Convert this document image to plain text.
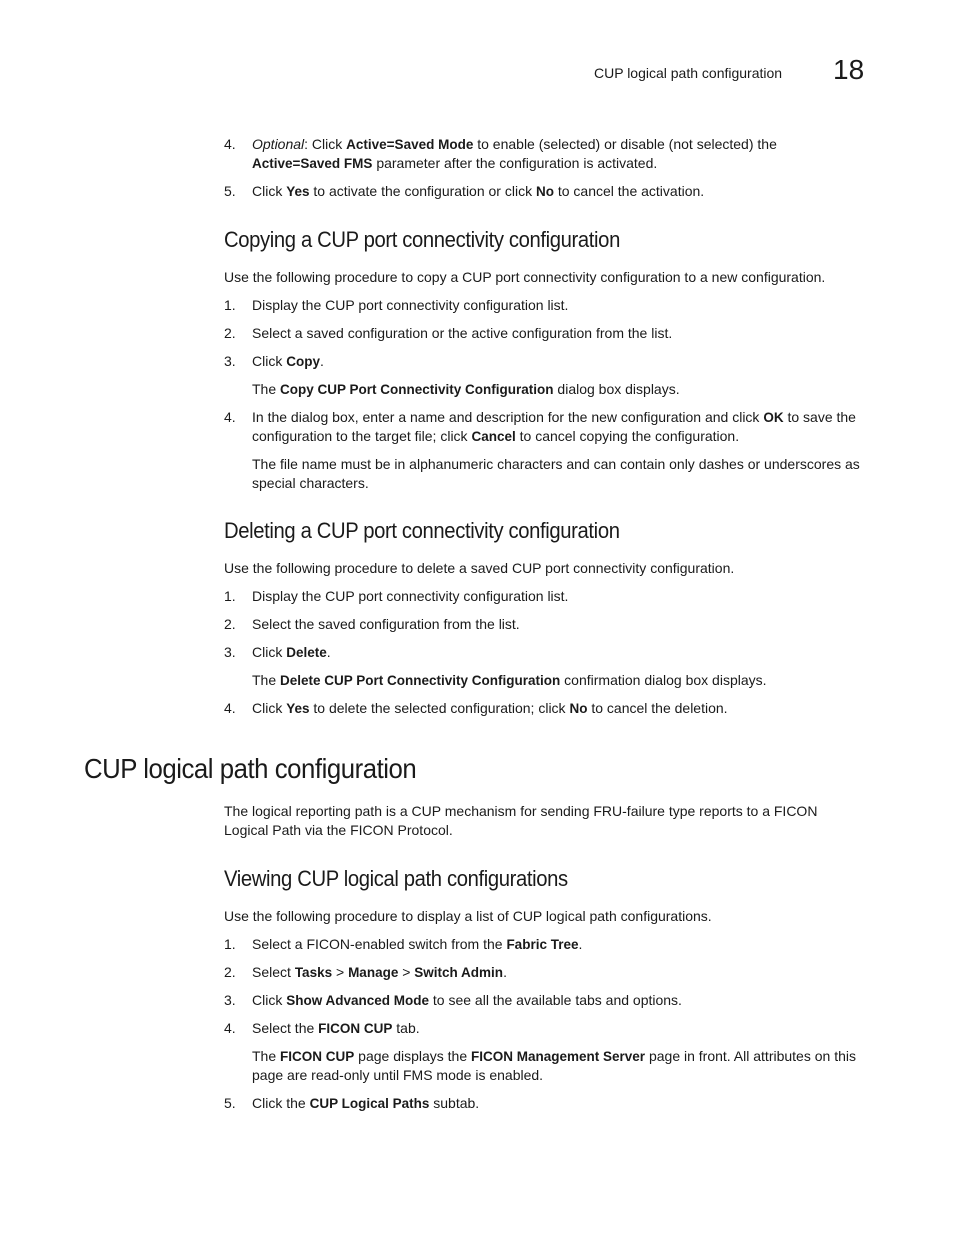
CUP logical path configuration 18
4. Optional: Click Active=Saved Mode to enable (selected) or disable (not selected) the Active=Saved FMS parameter after the configuration is activated.
5. Click Yes to activate the configuration or click No to cancel the activation.
Copying a CUP port connectivity configuration
Use the following procedure to copy a CUP port connectivity configuration to a new configuration.
1. Display the CUP port connectivity configuration list.
2. Select a saved configuration or the active configuration from the list.
3. Click Copy.
The Copy CUP Port Connectivity Configuration dialog box displays.
4. In the dialog box, enter a name and description for the new configuration and click OK to save the configuration to the target file; click Cancel to cancel copying the configuration.
The file name must be in alphanumeric characters and can contain only dashes or underscores as special characters.
Deleting a CUP port connectivity configuration
Use the following procedure to delete a saved CUP port connectivity configuration.
1. Display the CUP port connectivity configuration list.
2. Select the saved configuration from the list.
3. Click Delete.
The Delete CUP Port Connectivity Configuration confirmation dialog box displays.
4. Click Yes to delete the selected configuration; click No to cancel the deletion.
CUP logical path configuration
The logical reporting path is a CUP mechanism for sending FRU-failure type reports to a FICON Logical Path via the FICON Protocol.
Viewing CUP logical path configurations
Use the following procedure to display a list of CUP logical path configurations.
1. Select a FICON-enabled switch from the Fabric Tree.
2. Select Tasks > Manage > Switch Admin.
3. Click Show Advanced Mode to see all the available tabs and options.
4. Select the FICON CUP tab.
The FICON CUP page displays the FICON Management Server page in front. All attributes on this page are read-only until FMS mode is enabled.
5. Click the CUP Logical Paths subtab.
